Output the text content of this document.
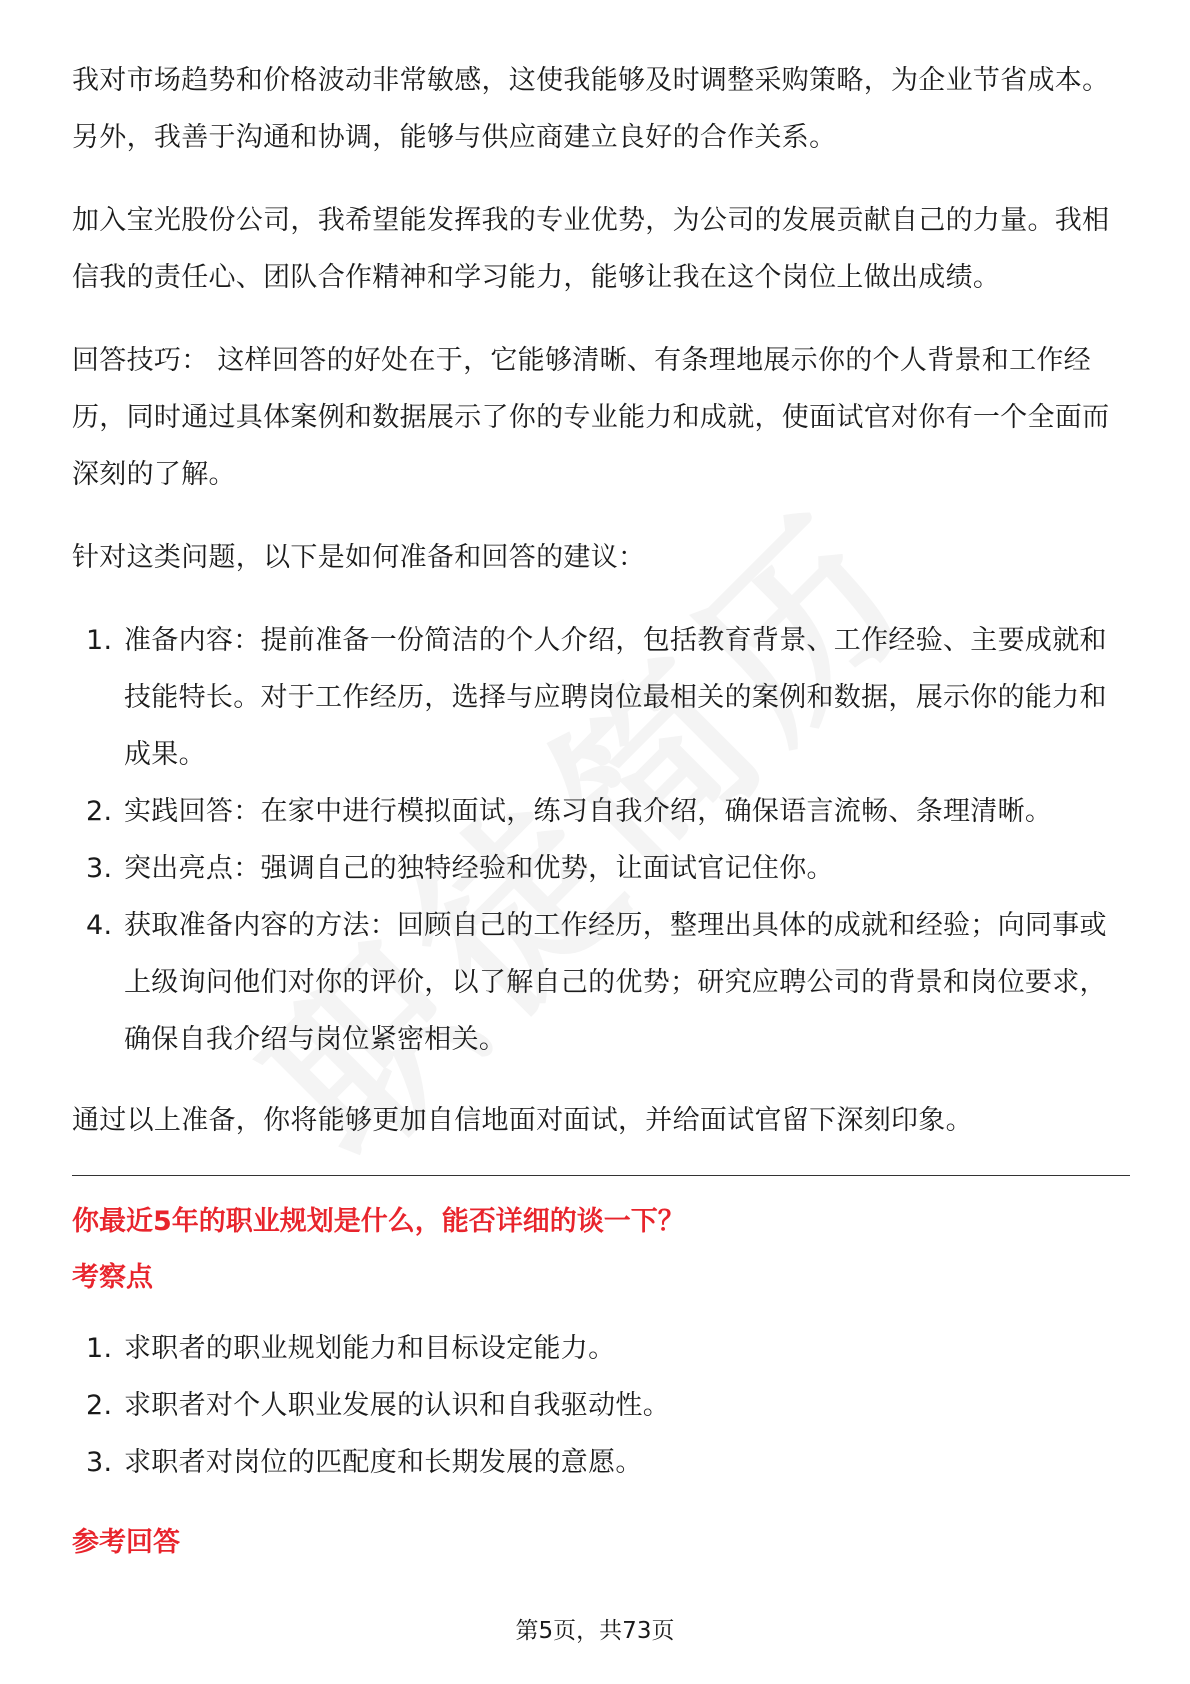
我对市场趋势和价格波动非常敏感，这使我能够及时调整采购策略，为企业节省成本。另外，我善于沟通和协调，能够与供应商建立良好的合作关系。

加入宝光股份公司，我希望能发挥我的专业优势，为公司的发展贡献自己的力量。我相信我的责任心、团队合作精神和学习能力，能够让我在这个岗位上做出成绩。

回答技巧： 这样回答的好处在于，它能够清晰、有条理地展示你的个人背景和工作经历，同时通过具体案例和数据展示了你的专业能力和成就，使面试官对你有一个全面而深刻的了解。

针对这类问题，以下是如何准备和回答的建议：

1. 准备内容：提前准备一份简洁的个人介绍，包括教育背景、工作经验、主要成就和技能特长。对于工作经历，选择与应聘岗位最相关的案例和数据，展示你的能力和成果。
2. 实践回答：在家中进行模拟面试，练习自我介绍，确保语言流畅、条理清晰。
3. 突出亮点：强调自己的独特经验和优势，让面试官记住你。
4. 获取准备内容的方法：回顾自己的工作经历，整理出具体的成就和经验；向同事或上级询问他们对你的评价，以了解自己的优势；研究应聘公司的背景和岗位要求，确保自我介绍与岗位紧密相关。

通过以上准备，你将能够更加自信地面对面试，并给面试官留下深刻印象。

你最近5年的职业规划是什么，能否详细的谈一下？
考察点
1. 求职者的职业规划能力和目标设定能力。
2. 求职者对个人职业发展的认识和自我驱动性。
3. 求职者对岗位的匹配度和长期发展的意愿。
参考回答
第5页，共73页
